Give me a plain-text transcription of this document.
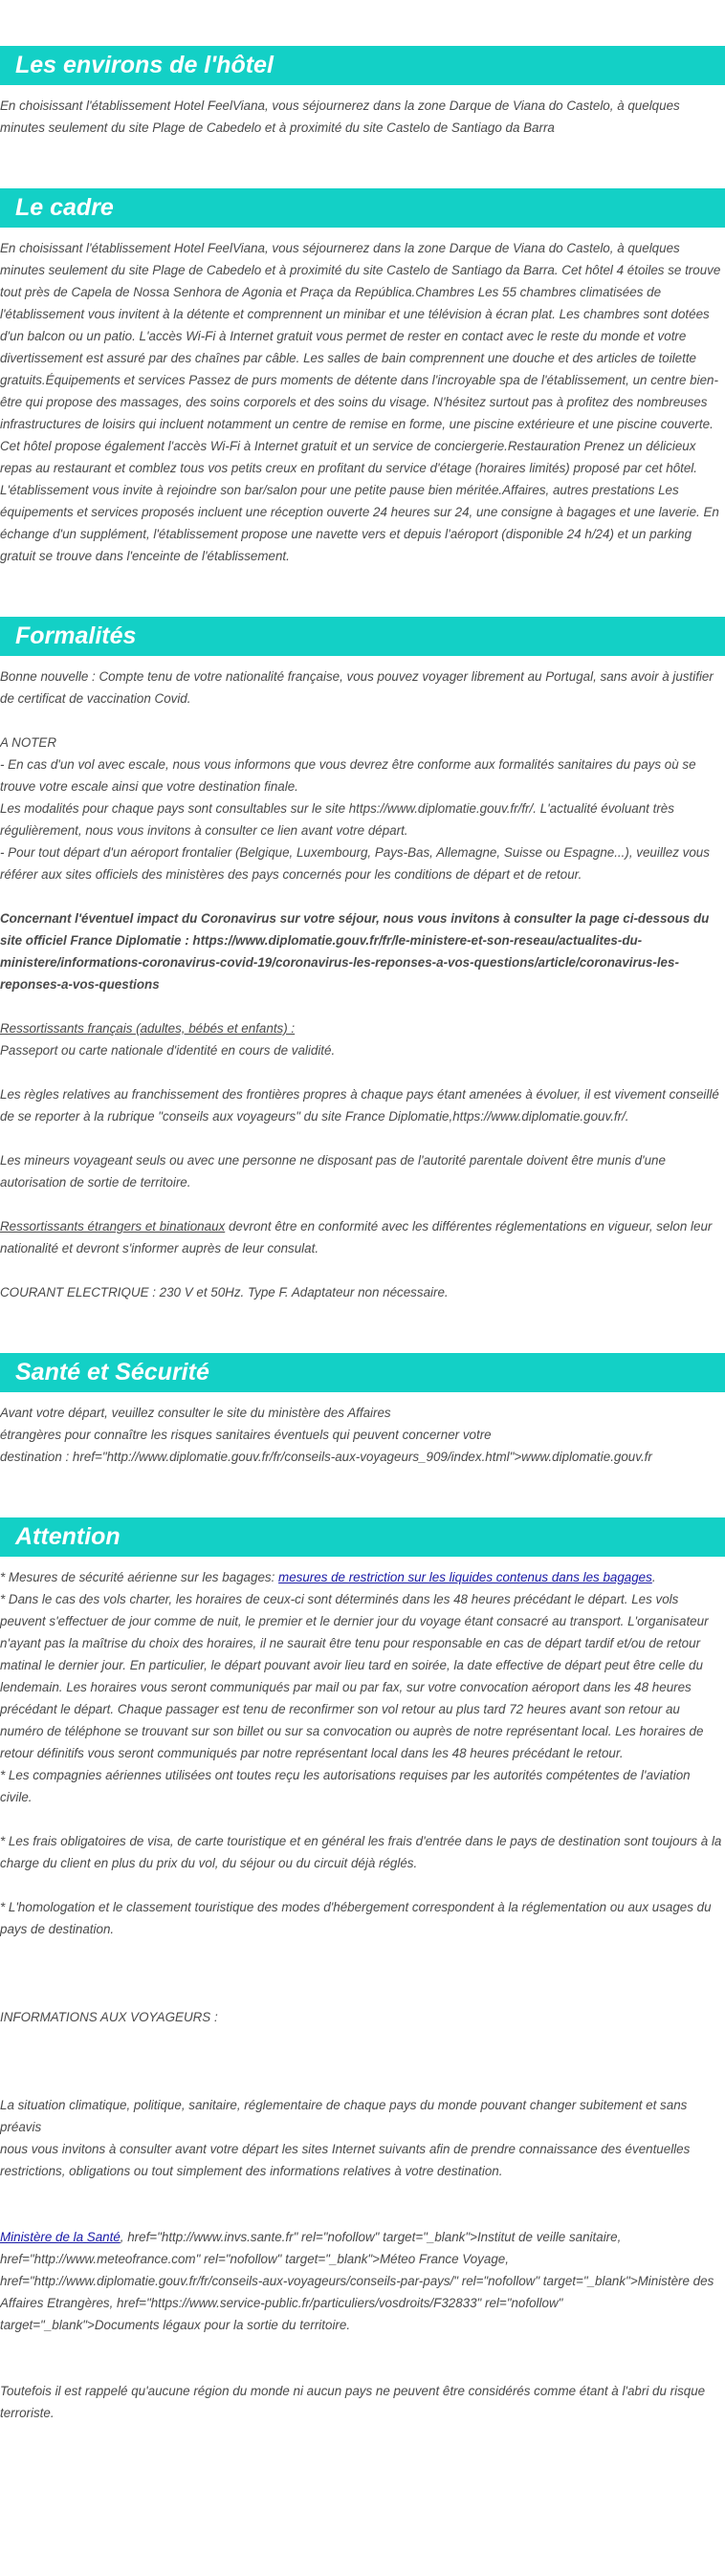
Les environs de l'hôtel
En choisissant l'établissement Hotel FeelViana, vous séjournerez dans la zone Darque de Viana do Castelo, à quelques minutes seulement du site Plage de Cabedelo et à proximité du site Castelo de Santiago da Barra
Le cadre
En choisissant l'établissement Hotel FeelViana, vous séjournerez dans la zone Darque de Viana do Castelo, à quelques minutes seulement du site Plage de Cabedelo et à proximité du site Castelo de Santiago da Barra. Cet hôtel 4 étoiles se trouve tout près de Capela de Nossa Senhora de Agonia et Praça da República.Chambres Les 55 chambres climatisées de l'établissement vous invitent à la détente et comprennent un minibar et une télévision à écran plat. Les chambres sont dotées d'un balcon ou un patio. L'accès Wi-Fi à Internet gratuit vous permet de rester en contact avec le reste du monde et votre divertissement est assuré par des chaînes par câble. Les salles de bain comprennent une douche et des articles de toilette gratuits.Équipements et services Passez de purs moments de détente dans l'incroyable spa de l'établissement, un centre bien-être qui propose des massages, des soins corporels et des soins du visage. N'hésitez surtout pas à profitez des nombreuses infrastructures de loisirs qui incluent notamment un centre de remise en forme, une piscine extérieure et une piscine couverte. Cet hôtel propose également l'accès Wi-Fi à Internet gratuit et un service de conciergerie.Restauration Prenez un délicieux repas au restaurant et comblez tous vos petits creux en profitant du service d'étage (horaires limités) proposé par cet hôtel. L'établissement vous invite à rejoindre son bar/salon pour une petite pause bien méritée.Affaires, autres prestations Les équipements et services proposés incluent une réception ouverte 24 heures sur 24, une consigne à bagages et une laverie. En échange d'un supplément, l'établissement propose une navette vers et depuis l'aéroport (disponible 24 h/24) et un parking gratuit se trouve dans l'enceinte de l'établissement.
Formalités
Bonne nouvelle : Compte tenu de votre nationalité française, vous pouvez voyager librement au Portugal, sans avoir à justifier de certificat de vaccination Covid.
A NOTER
- En cas d'un vol avec escale, nous vous informons que vous devrez être conforme aux formalités sanitaires du pays où se trouve votre escale ainsi que votre destination finale.
Les modalités pour chaque pays sont consultables sur le site https://www.diplomatie.gouv.fr/fr/. L'actualité évoluant très régulièrement, nous vous invitons à consulter ce lien avant votre départ.
- Pour tout départ d'un aéroport frontalier (Belgique, Luxembourg, Pays-Bas, Allemagne, Suisse ou Espagne...), veuillez vous référer aux sites officiels des ministères des pays concernés pour les conditions de départ et de retour.
Concernant l'éventuel impact du Coronavirus sur votre séjour, nous vous invitons à consulter la page ci-dessous du site officiel France Diplomatie : https://www.diplomatie.gouv.fr/fr/le-ministere-et-son-reseau/actualites-du-ministere/informations-coronavirus-covid-19/coronavirus-les-reponses-a-vos-questions/article/coronavirus-les-reponses-a-vos-questions
Ressortissants français (adultes, bébés et enfants) :
Passeport ou carte nationale d'identité en cours de validité.
Les règles relatives au franchissement des frontières propres à chaque pays étant amenées à évoluer, il est vivement conseillé de se reporter à la rubrique "conseils aux voyageurs" du site France Diplomatie,https://www.diplomatie.gouv.fr/.
Les mineurs voyageant seuls ou avec une personne ne disposant pas de l'autorité parentale doivent être munis d'une autorisation de sortie de territoire.
Ressortissants étrangers et binationaux devront être en conformité avec les différentes réglementations en vigueur, selon leur nationalité et devront s'informer auprès de leur consulat.
COURANT ELECTRIQUE : 230 V et 50Hz. Type F. Adaptateur non nécessaire.
Santé et Sécurité
Avant votre départ, veuillez consulter le site du ministère des Affaires
étrangères pour connaître les risques sanitaires éventuels qui peuvent concerner votre
destination : href="http://www.diplomatie.gouv.fr/fr/conseils-aux-voyageurs_909/index.html">www.diplomatie.gouv.fr
Attention
* Mesures de sécurité aérienne sur les bagages: mesures de restriction sur les liquides contenus dans les bagages.
* Dans le cas des vols charter, les horaires de ceux-ci sont déterminés dans les 48 heures précédant le départ. Les vols peuvent s'effectuer de jour comme de nuit, le premier et le dernier jour du voyage étant consacré au transport. L'organisateur n'ayant pas la maîtrise du choix des horaires, il ne saurait être tenu pour responsable en cas de départ tardif et/ou de retour matinal le dernier jour. En particulier, le départ pouvant avoir lieu tard en soirée, la date effective de départ peut être celle du lendemain. Les horaires vous seront communiqués par mail ou par fax, sur votre convocation aéroport dans les 48 heures précédant le départ. Chaque passager est tenu de reconfirmer son vol retour au plus tard 72 heures avant son retour au numéro de téléphone se trouvant sur son billet ou sur sa convocation ou auprès de notre représentant local. Les horaires de retour définitifs vous seront communiqués par notre représentant local dans les 48 heures précédant le retour.
* Les compagnies aériennes utilisées ont toutes reçu les autorisations requises par les autorités compétentes de l'aviation civile.
* Les frais obligatoires de visa, de carte touristique et en général les frais d'entrée dans le pays de destination sont toujours à la charge du client en plus du prix du vol, du séjour ou du circuit déjà réglés.
* L'homologation et le classement touristique des modes d'hébergement correspondent à la réglementation ou aux usages du pays de destination.
INFORMATIONS AUX VOYAGEURS :
La situation climatique, politique, sanitaire, réglementaire de chaque pays du monde pouvant changer subitement et sans préavis
nous vous invitons à consulter avant votre départ les sites Internet suivants afin de prendre connaissance des éventuelles restrictions, obligations ou tout simplement des informations relatives à votre destination.
Ministère de la Santé, href="http://www.invs.sante.fr" rel="nofollow" target="_blank">Institut de veille sanitaire, href="http://www.meteofrance.com" rel="nofollow" target="_blank">Méteo France Voyage, href="http://www.diplomatie.gouv.fr/fr/conseils-aux-voyageurs/conseils-par-pays/" rel="nofollow" target="_blank">Ministère des Affaires Etrangères, href="https://www.service-public.fr/particuliers/vosdroits/F32833" rel="nofollow" target="_blank">Documents légaux pour la sortie du territoire.
Toutefois il est rappelé qu'aucune région du monde ni aucun pays ne peuvent être considérés comme étant à l'abri du risque terroriste.
